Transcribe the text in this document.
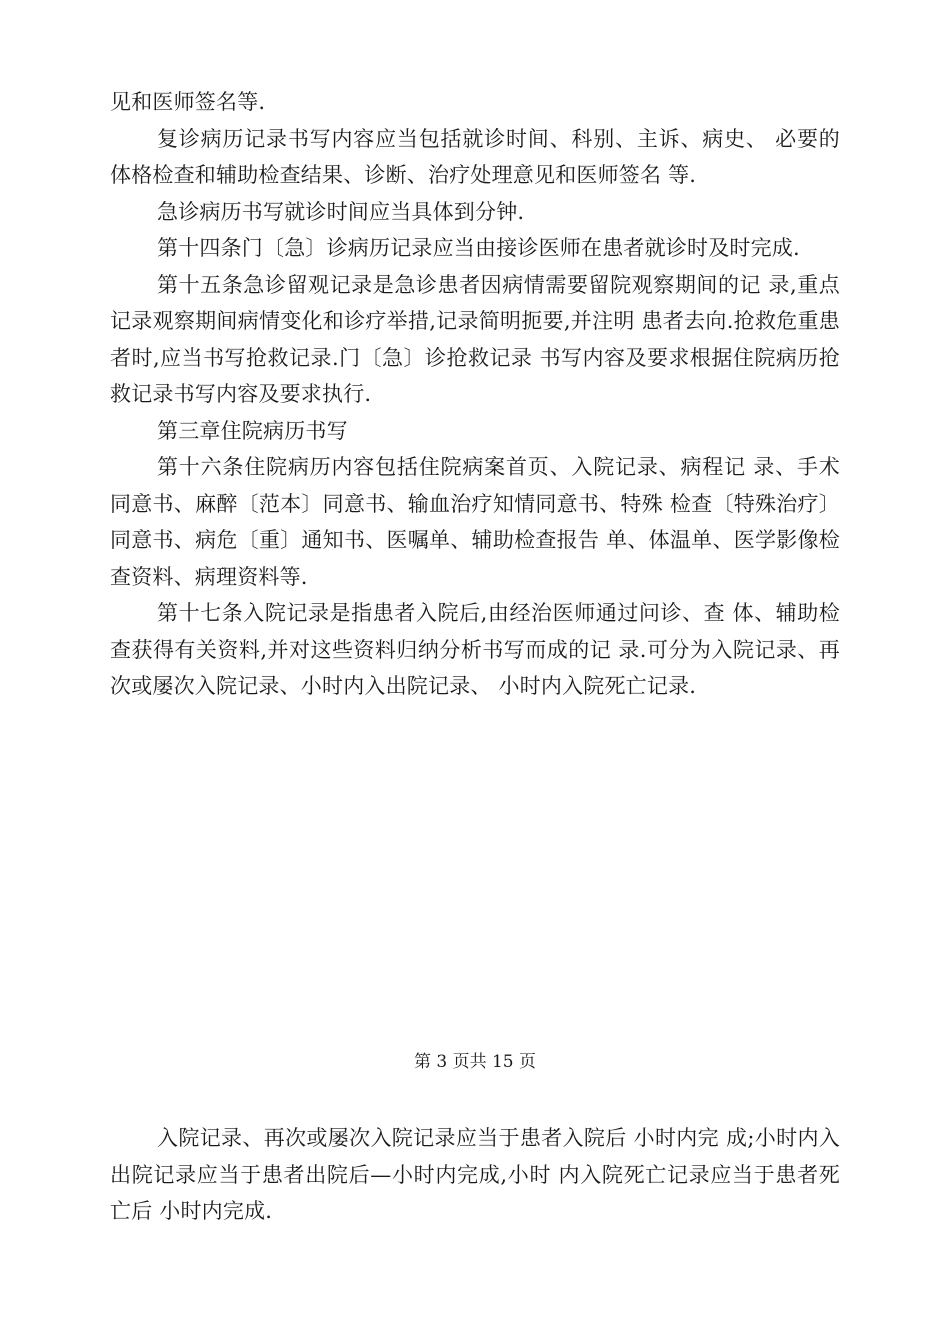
见和医师签名等.

复诊病历记录书写内容应当包括就诊时间、科别、主诉、病史、 必要的体格检查和辅助检查结果、诊断、治疗处理意见和医师签名 等.

急诊病历书写就诊时间应当具体到分钟.

第十四条门〔急〕诊病历记录应当由接诊医师在患者就诊时及时完成.

第十五条急诊留观记录是急诊患者因病情需要留院观察期间的记 录,重点记录观察期间病情变化和诊疗举措,记录简明扼要,并注明 患者去向.抢救危重患者时,应当书写抢救记录.门〔急〕诊抢救记录 书写内容及要求根据住院病历抢救记录书写内容及要求执行.

第三章住院病历书写

第十六条住院病历内容包括住院病案首页、入院记录、病程记 录、手术同意书、麻醉〔范本〕同意书、输血治疗知情同意书、特殊 检查〔特殊治疗〕同意书、病危〔重〕通知书、医嘱单、辅助检查报告 单、体温单、医学影像检查资料、病理资料等.

第十七条入院记录是指患者入院后,由经治医师通过问诊、查 体、辅助检查获得有关资料,并对这些资料归纳分析书写而成的记 录.可分为入院记录、再次或屡次入院记录、小时内入出院记录、 小时内入院死亡记录.

第 3 页共 15 页

入院记录、再次或屡次入院记录应当于患者入院后 小时内完 成;小时内入出院记录应当于患者出院后—小时内完成,小时 内入院死亡记录应当于患者死亡后 小时内完成.
